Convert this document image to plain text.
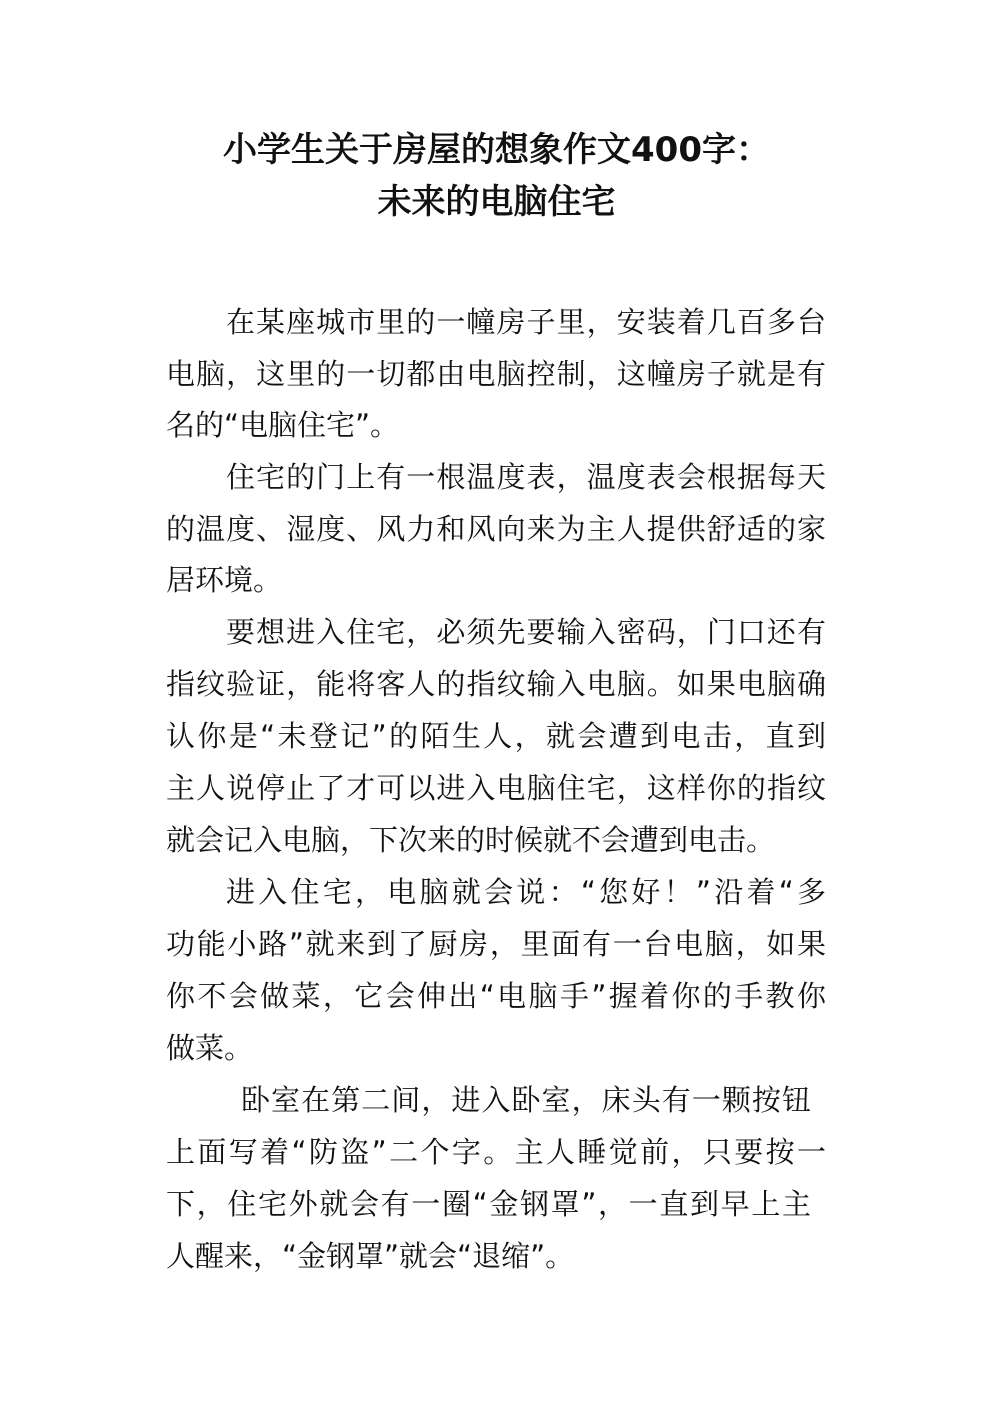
小学生关于房屋的想象作文400字：
未来的电脑住宅
在某座城市里的一幢房子里，安装着几百多台
电脑，这里的一切都由电脑控制，这幢房子就是有
名的“电脑住宅”。
住宅的门上有一根温度表，温度表会根据每天
的温度、湿度、风力和风向来为主人提供舒适的家
居环境。
要想进入住宅，必须先要输入密码，门口还有
指纹验证，能将客人的指纹输入电脑。如果电脑确
认你是“未登记”的陌生人，就会遭到电击，直到
主人说停止了才可以进入电脑住宅，这样你的指纹
就会记入电脑，下次来的时候就不会遭到电击。
进入住宅，电脑就会说：“您好！”沿着“多
功能小路”就来到了厨房，里面有一台电脑，如果
你不会做菜，它会伸出“电脑手”握着你的手教你
做菜。
卧室在第二间，进入卧室，床头有一颗按钮
上面写着“防盗”二个字。主人睡觉前，只要按一
下，住宅外就会有一圈“金钢罩”，一直到早上主
人醒来，“金钢罩”就会“退缩”。
